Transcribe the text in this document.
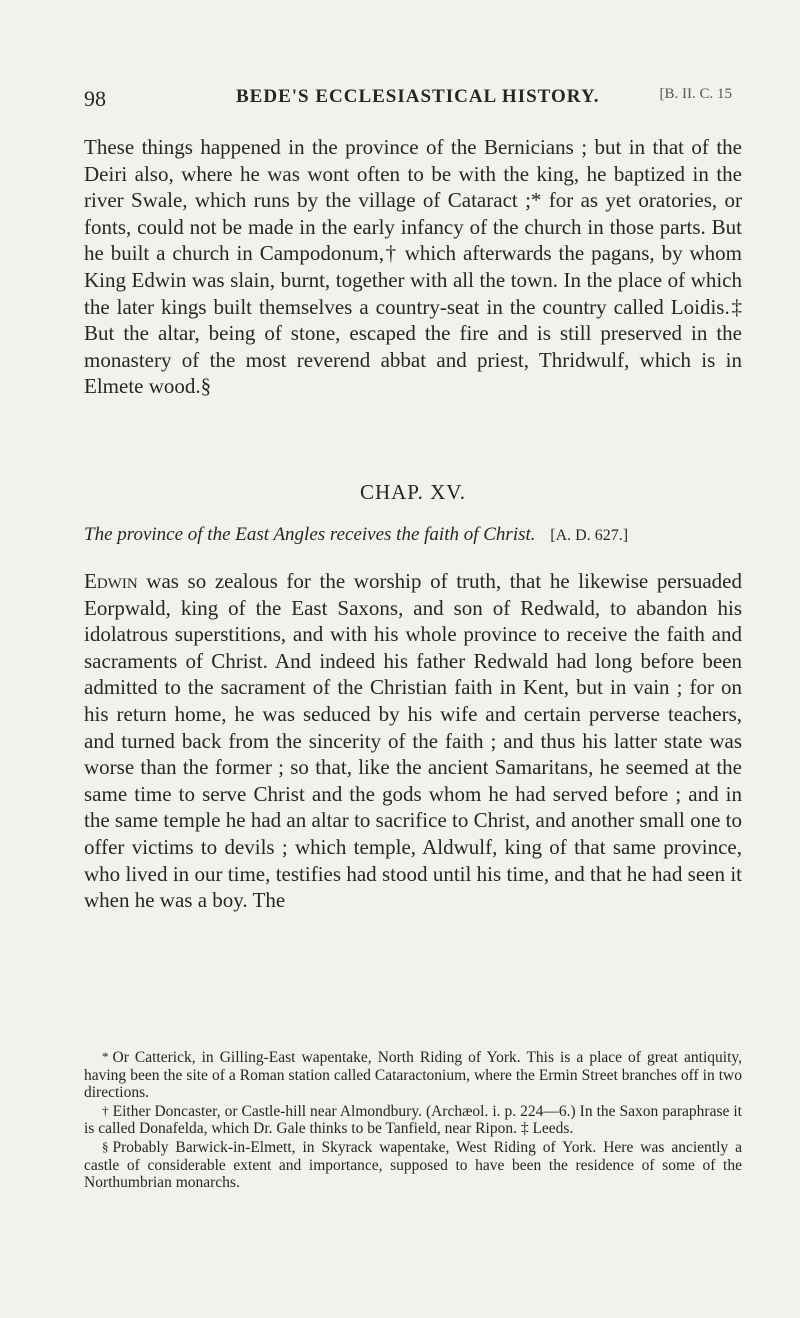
98	BEDE'S ECCLESIASTICAL HISTORY.	[B. II. C. 15

These things happened in the province of the Bernicians ; but in that of the Deiri also, where he was wont often to be with the king, he baptized in the river Swale, which runs by the village of Cataract ;* for as yet oratories, or fonts, could not be made in the early infancy of the church in those parts. But he built a church in Campodonum,† which afterwards the pagans, by whom King Edwin was slain, burnt, together with all the town. In the place of which the later kings built themselves a country-seat in the country called Loidis.‡ But the altar, being of stone, escaped the fire and is still preserved in the monastery of the most reverend abbat and priest, Thridwulf, which is in Elmete wood.§

CHAP. XV.
The province of the East Angles receives the faith of Christ. [A. D. 627.]

Edwin was so zealous for the worship of truth, that he likewise persuaded Eorpwald, king of the East Saxons, and son of Redwald, to abandon his idolatrous superstitions, and with his whole province to receive the faith and sacraments of Christ. And indeed his father Redwald had long before been admitted to the sacrament of the Christian faith in Kent, but in vain ; for on his return home, he was seduced by his wife and certain perverse teachers, and turned back from the sincerity of the faith ; and thus his latter state was worse than the former ; so that, like the ancient Samaritans, he seemed at the same time to serve Christ and the gods whom he had served before ; and in the same temple he had an altar to sacrifice to Christ, and another small one to offer victims to devils ; which temple, Aldwulf, king of that same province, who lived in our time, testifies had stood until his time, and that he had seen it when he was a boy. The

* Or Catterick, in Gilling-East wapentake, North Riding of York. This is a place of great antiquity, having been the site of a Roman station called Cataractonium, where the Ermin Street branches off in two directions.

† Either Doncaster, or Castle-hill near Almondbury. (Archæol. i. p. 224—6.) In the Saxon paraphrase it is called Donafelda, which Dr. Gale thinks to be Tanfield, near Ripon. ‡ Leeds.

§ Probably Barwick-in-Elmett, in Skyrack wapentake, West Riding of York. Here was anciently a castle of considerable extent and importance, supposed to have been the residence of some of the Northumbrian monarchs.
